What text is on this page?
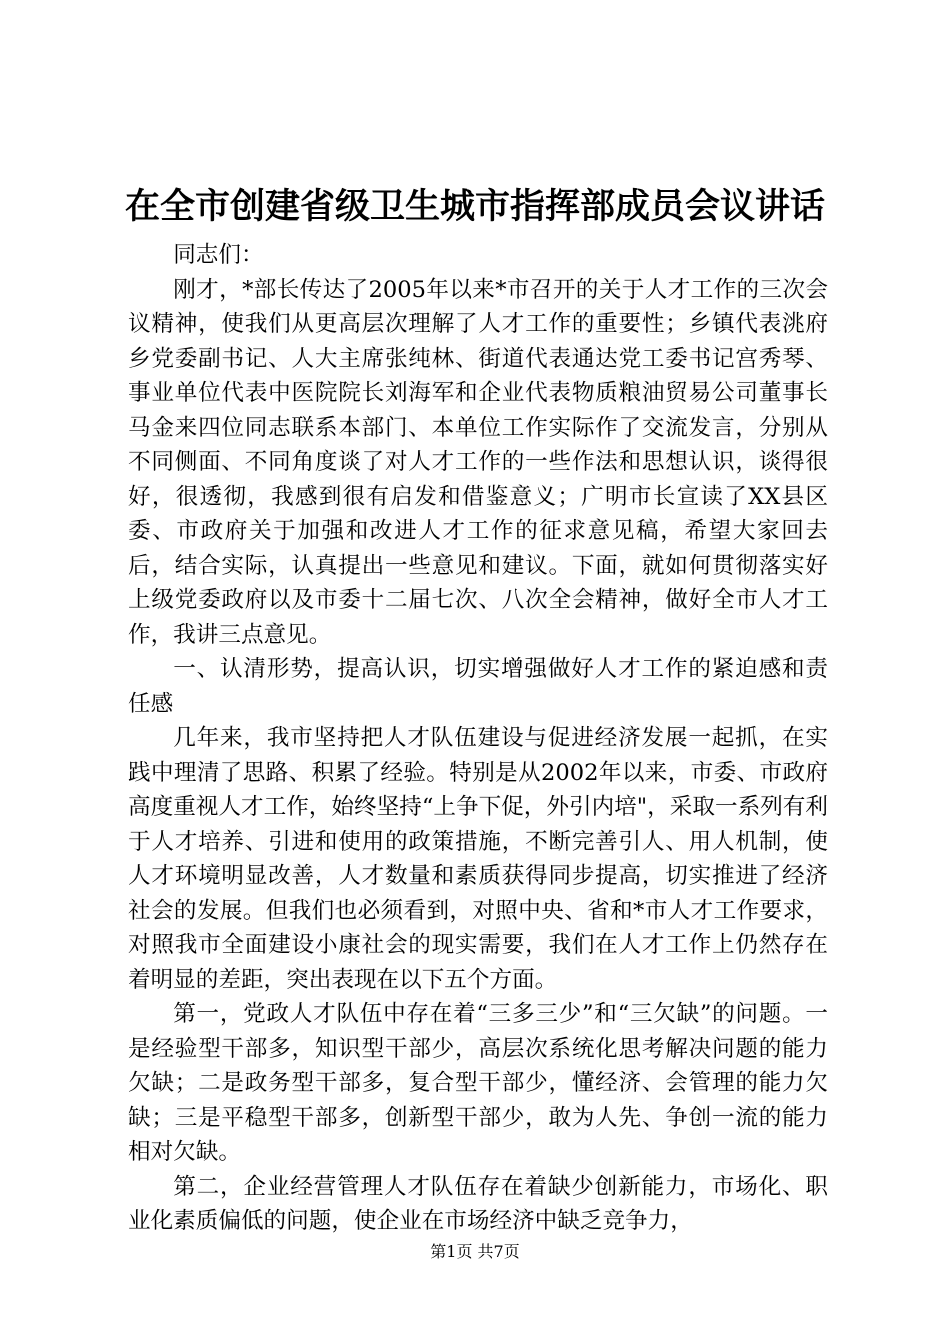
在全市创建省级卫生城市指挥部成员会议讲话

同志们：

刚才，*部长传达了2005年以来*市召开的关于人才工作的三次会议精神，使我们从更高层次理解了人才工作的重要性；乡镇代表洮府乡党委副书记、人大主席张纯林、街道代表通达党工委书记宫秀琴、事业单位代表中医院院长刘海军和企业代表物质粮油贸易公司董事长马金来四位同志联系本部门、本单位工作实际作了交流发言，分别从不同侧面、不同角度谈了对人才工作的一些作法和思想认识，谈得很好，很透彻，我感到很有启发和借鉴意义；广明市长宣读了XX县区委、市政府关于加强和改进人才工作的征求意见稿，希望大家回去后，结合实际，认真提出一些意见和建议。下面，就如何贯彻落实好上级党委政府以及市委十二届七次、八次全会精神，做好全市人才工作，我讲三点意见。

一、认清形势，提高认识，切实增强做好人才工作的紧迫感和责任感

几年来，我市坚持把人才队伍建设与促进经济发展一起抓，在实践中理清了思路、积累了经验。特别是从2002年以来，市委、市政府高度重视人才工作，始终坚持“上争下促，外引内培"，采取一系列有利于人才培养、引进和使用的政策措施，不断完善引人、用人机制，使人才环境明显改善，人才数量和素质获得同步提高，切实推进了经济社会的发展。但我们也必须看到，对照中央、省和*市人才工作要求，对照我市全面建设小康社会的现实需要，我们在人才工作上仍然存在着明显的差距，突出表现在以下五个方面。

第一，党政人才队伍中存在着“三多三少”和“三欠缺”的问题。一是经验型干部多，知识型干部少，高层次系统化思考解决问题的能力欠缺；二是政务型干部多，复合型干部少，懂经济、会管理的能力欠缺；三是平稳型干部多，创新型干部少，敢为人先、争创一流的能力相对欠缺。

第二，企业经营管理人才队伍存在着缺少创新能力，市场化、职业化素质偏低的问题，使企业在市场经济中缺乏竞争力，

第1页 共7页
